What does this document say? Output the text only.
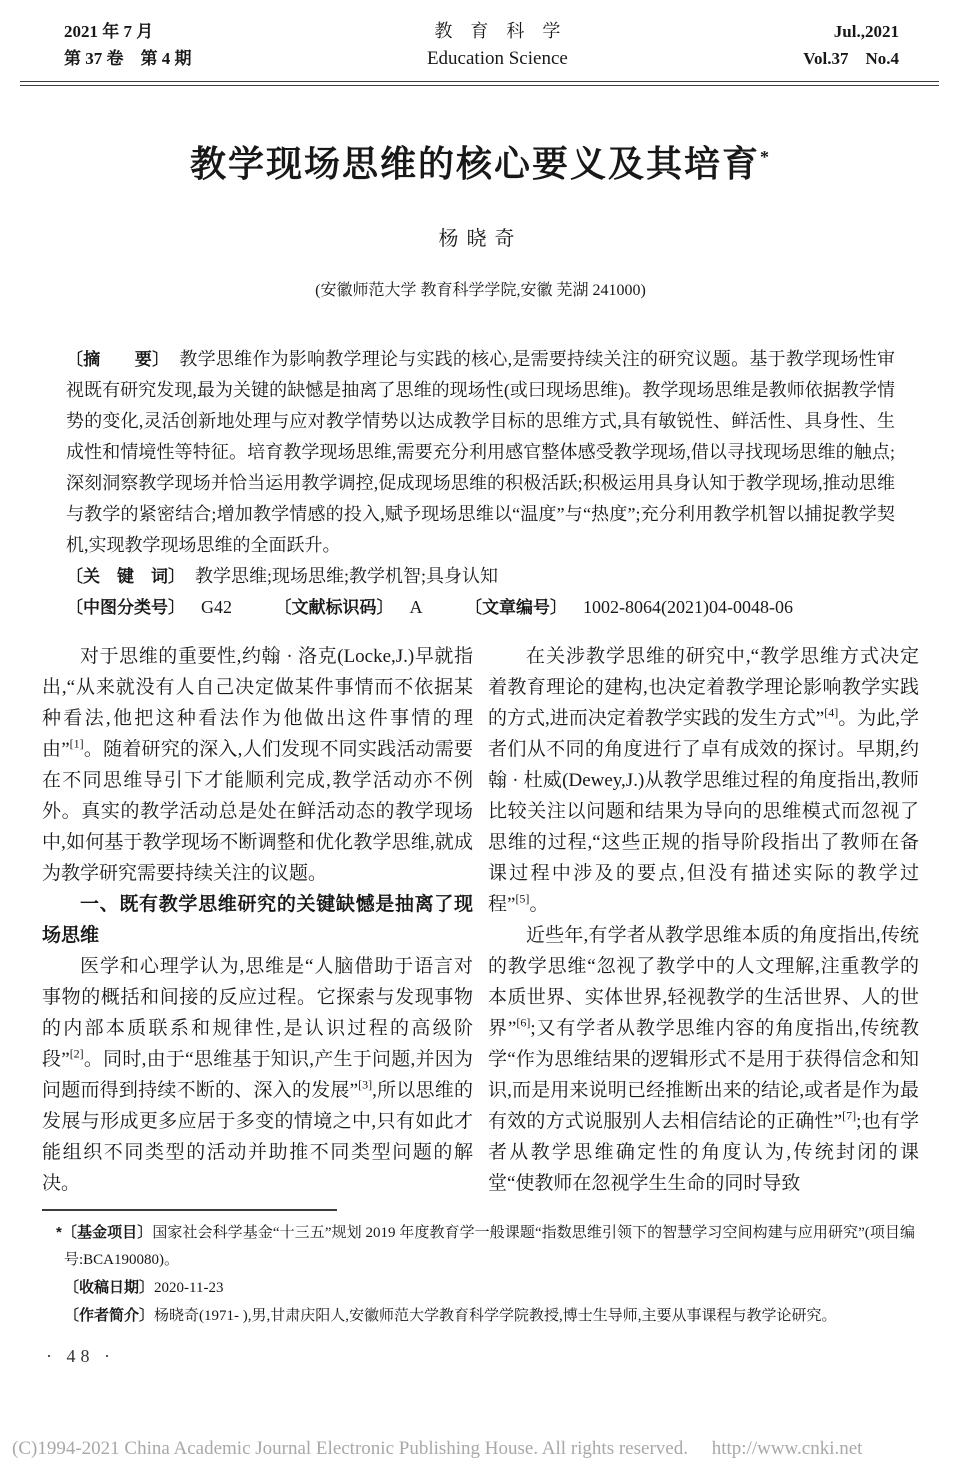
2021 年 7 月
第 37 卷　第 4 期
教　育　科　学
Education Science
Jul.,2021
Vol.37　No.4
教学现场思维的核心要义及其培育*
杨晓奇
(安徽师范大学 教育科学学院,安徽 芜湖 241000)

〔摘　　要〕 教学思维作为影响教学理论与实践的核心,是需要持续关注的研究议题。基于教学现场性审视既有研究发现,最为关键的缺憾是抽离了思维的现场性(或曰现场思维)。教学现场思维是教师依据教学情势的变化,灵活创新地处理与应对教学情势以达成教学目标的思维方式,具有敏锐性、鲜活性、具身性、生成性和情境性等特征。培育教学现场思维,需要充分利用感官整体感受教学现场,借以寻找现场思维的触点;深刻洞察教学现场并恰当运用教学调控,促成现场思维的积极活跃;积极运用具身认知于教学现场,推动思维与教学的紧密结合;增加教学情感的投入,赋予现场思维以“温度”与“热度”;充分利用教学机智以捕捉教学契机,实现教学现场思维的全面跃升。

〔关　键　词〕 教学思维;现场思维;教学机智;具身认知

〔中图分类号〕 G42	〔文献标识码〕 A	〔文章编号〕 1002-8064(2021)04-0048-06

对于思维的重要性,约翰 · 洛克(Locke,J.)早就指出,“从来就没有人自己决定做某件事情而不依据某种看法,他把这种看法作为他做出这件事情的理由”[1]。随着研究的深入,人们发现不同实践活动需要在不同思维导引下才能顺利完成,教学活动亦不例外。真实的教学活动总是处在鲜活动态的教学现场中,如何基于教学现场不断调整和优化教学思维,就成为教学研究需要持续关注的议题。

一、既有教学思维研究的关键缺憾是抽离了现场思维

医学和心理学认为,思维是“人脑借助于语言对事物的概括和间接的反应过程。它探索与发现事物的内部本质联系和规律性,是认识过程的高级阶段”[2]。同时,由于“思维基于知识,产生于问题,并因为问题而得到持续不断的、深入的发展”[3],所以思维的发展与形成更多应居于多变的情境之中,只有如此才能组织不同类型的活动并助推不同类型问题的解决。

在关涉教学思维的研究中,“教学思维方式决定着教育理论的建构,也决定着教学理论影响教学实践的方式,进而决定着教学实践的发生方式”[4]。为此,学者们从不同的角度进行了卓有成效的探讨。早期,约翰 · 杜威(Dewey,J.)从教学思维过程的角度指出,教师比较关注以问题和结果为导向的思维模式而忽视了思维的过程,“这些正规的指导阶段指出了教师在备课过程中涉及的要点,但没有描述实际的教学过程”[5]。

近些年,有学者从教学思维本质的角度指出,传统的教学思维“忽视了教学中的人文理解,注重教学的本质世界、实体世界,轻视教学的生活世界、人的世界”[6];又有学者从教学思维内容的角度指出,传统教学“作为思维结果的逻辑形式不是用于获得信念和知识,而是用来说明已经推断出来的结论,或者是作为最有效的方式说服别人去相信结论的正确性”[7];也有学者从教学思维确定性的角度认为,传统封闭的课堂“使教师在忽视学生生命的同时导致

*〔基金项目〕国家社会科学基金“十三五”规划 2019 年度教育学一般课题“指数思维引领下的智慧学习空间构建与应用研究”(项目编号:BCA190080)。

〔收稿日期〕2020-11-23

〔作者简介〕杨晓奇(1971- ),男,甘肃庆阳人,安徽师范大学教育科学学院教授,博士生导师,主要从事课程与教学论研究。

· 48 ·
(C)1994-2021 China Academic Journal Electronic Publishing House. All rights reserved.　 http://www.cnki.net
